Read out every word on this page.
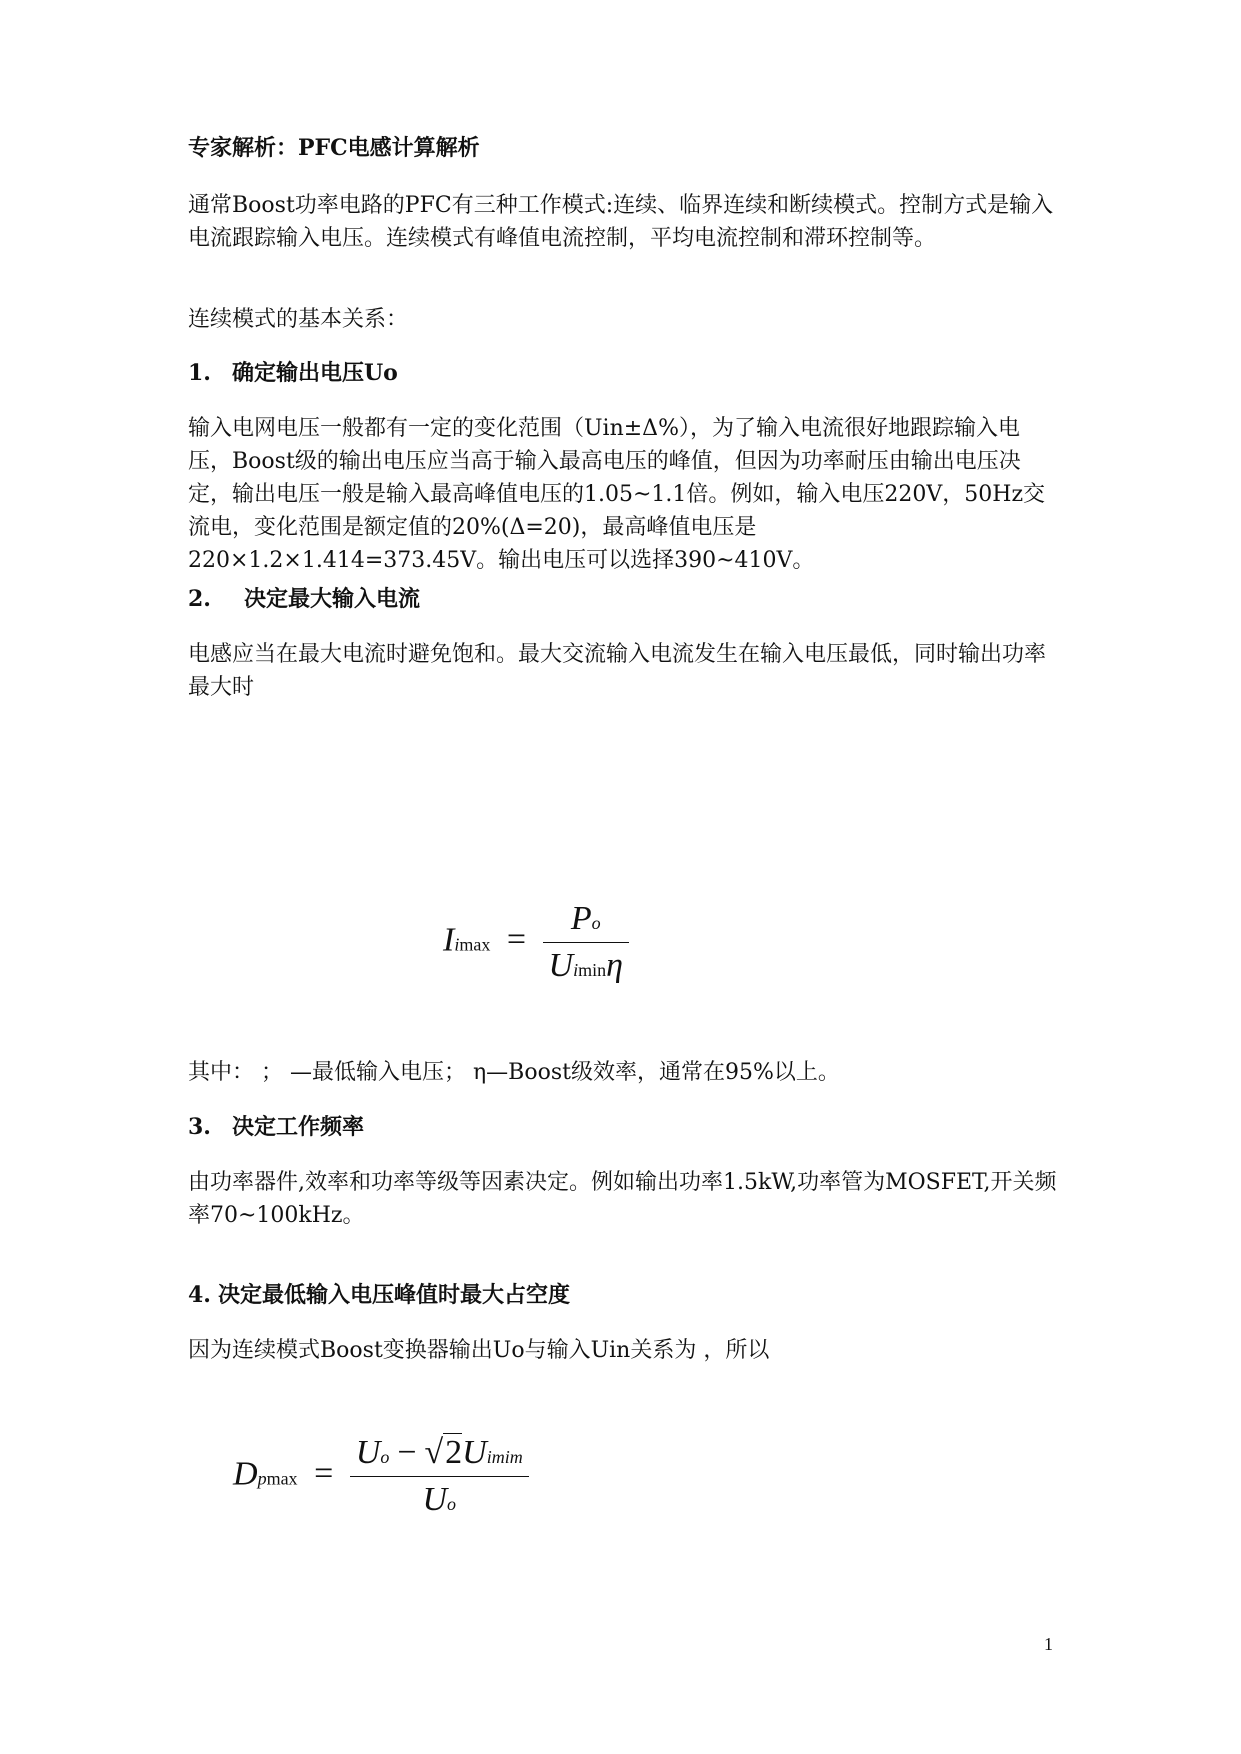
专家解析：PFC电感计算解析

通常Boost功率电路的PFC有三种工作模式:连续、临界连续和断续模式。控制方式是输入电流跟踪输入电压。连续模式有峰值电流控制，平均电流控制和滞环控制等。

连续模式的基本关系：

1. 确定输出电压Uo

输入电网电压一般都有一定的变化范围（Uin±Δ%），为了输入电流很好地跟踪输入电压，Boost级的输出电压应当高于输入最高电压的峰值，但因为功率耐压由输出电压决定，输出电压一般是输入最高峰值电压的1.05~1.1倍。例如，输入电压220V，50Hz交流电，变化范围是额定值的20%(Δ=20)，最高峰值电压是220×1.2×1.414=373.45V。输出电压可以选择390~410V。

2. 决定最大输入电流

电感应当在最大电流时避免饱和。最大交流输入电流发生在输入电压最低，同时输出功率最大时

$Iimax = \frac{Po}{Uimin\eta}$

其中： ； —最低输入电压； η—Boost级效率，通常在95%以上。

3. 决定工作频率

由功率器件,效率和功率等级等因素决定。例如输出功率1.5kW,功率管为MOSFET,开关频率70~100kHz。

4. 决定最低输入电压峰值时最大占空度

因为连续模式Boost变换器输出Uo与输入Uin关系为 ，所以

$Dpmax = \frac{\text{Uo − √2Uimim}}{Uo}$
1
